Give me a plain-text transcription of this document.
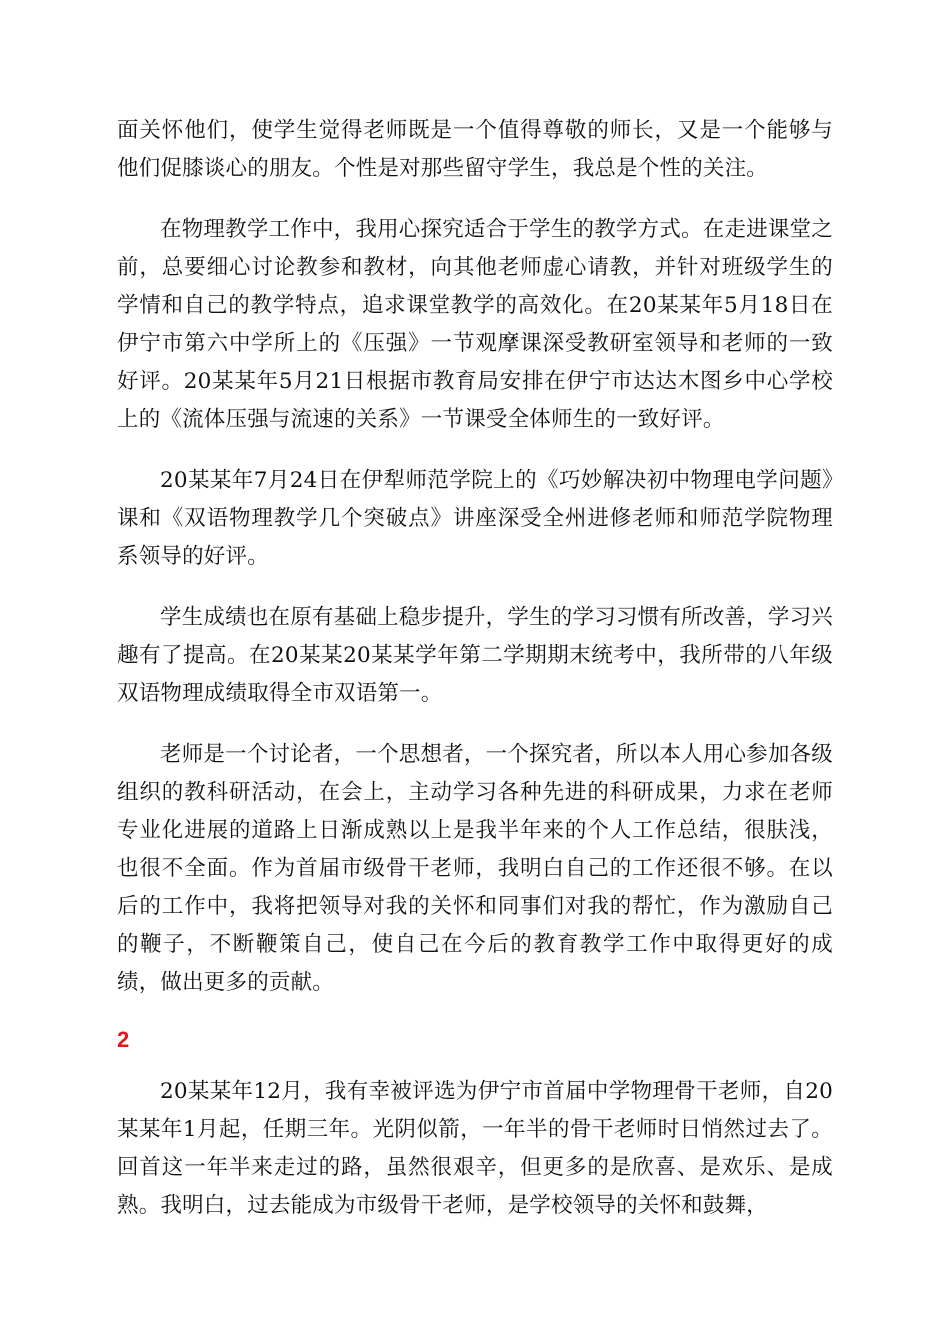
面关怀他们，使学生觉得老师既是一个值得尊敬的师长，又是一个能够与他们促膝谈心的朋友。个性是对那些留守学生，我总是个性的关注。

在物理教学工作中，我用心探究适合于学生的教学方式。在走进课堂之前，总要细心讨论教参和教材，向其他老师虚心请教，并针对班级学生的学情和自己的教学特点，追求课堂教学的高效化。在20某某年5月18日在伊宁市第六中学所上的《压强》一节观摩课深受教研室领导和老师的一致好评。20某某年5月21日根据市教育局安排在伊宁市达达木图乡中心学校上的《流体压强与流速的关系》一节课受全体师生的一致好评。

20某某年7月24日在伊犁师范学院上的《巧妙解决初中物理电学问题》课和《双语物理教学几个突破点》讲座深受全州进修老师和师范学院物理系领导的好评。

学生成绩也在原有基础上稳步提升，学生的学习习惯有所改善，学习兴趣有了提高。在20某某20某某学年第二学期期末统考中，我所带的八年级双语物理成绩取得全市双语第一。

老师是一个讨论者，一个思想者，一个探究者，所以本人用心参加各级组织的教科研活动，在会上，主动学习各种先进的科研成果，力求在老师专业化进展的道路上日渐成熟以上是我半年来的个人工作总结，很肤浅，也很不全面。作为首届市级骨干老师，我明白自己的工作还很不够。在以后的工作中，我将把领导对我的关怀和同事们对我的帮忙，作为激励自己的鞭子，不断鞭策自己，使自己在今后的教育教学工作中取得更好的成绩，做出更多的贡献。

2

20某某年12月，我有幸被评选为伊宁市首届中学物理骨干老师，自20某某年1月起，任期三年。光阴似箭，一年半的骨干老师时日悄然过去了。回首这一年半来走过的路，虽然很艰辛，但更多的是欣喜、是欢乐、是成熟。我明白，过去能成为市级骨干老师，是学校领导的关怀和鼓舞，
